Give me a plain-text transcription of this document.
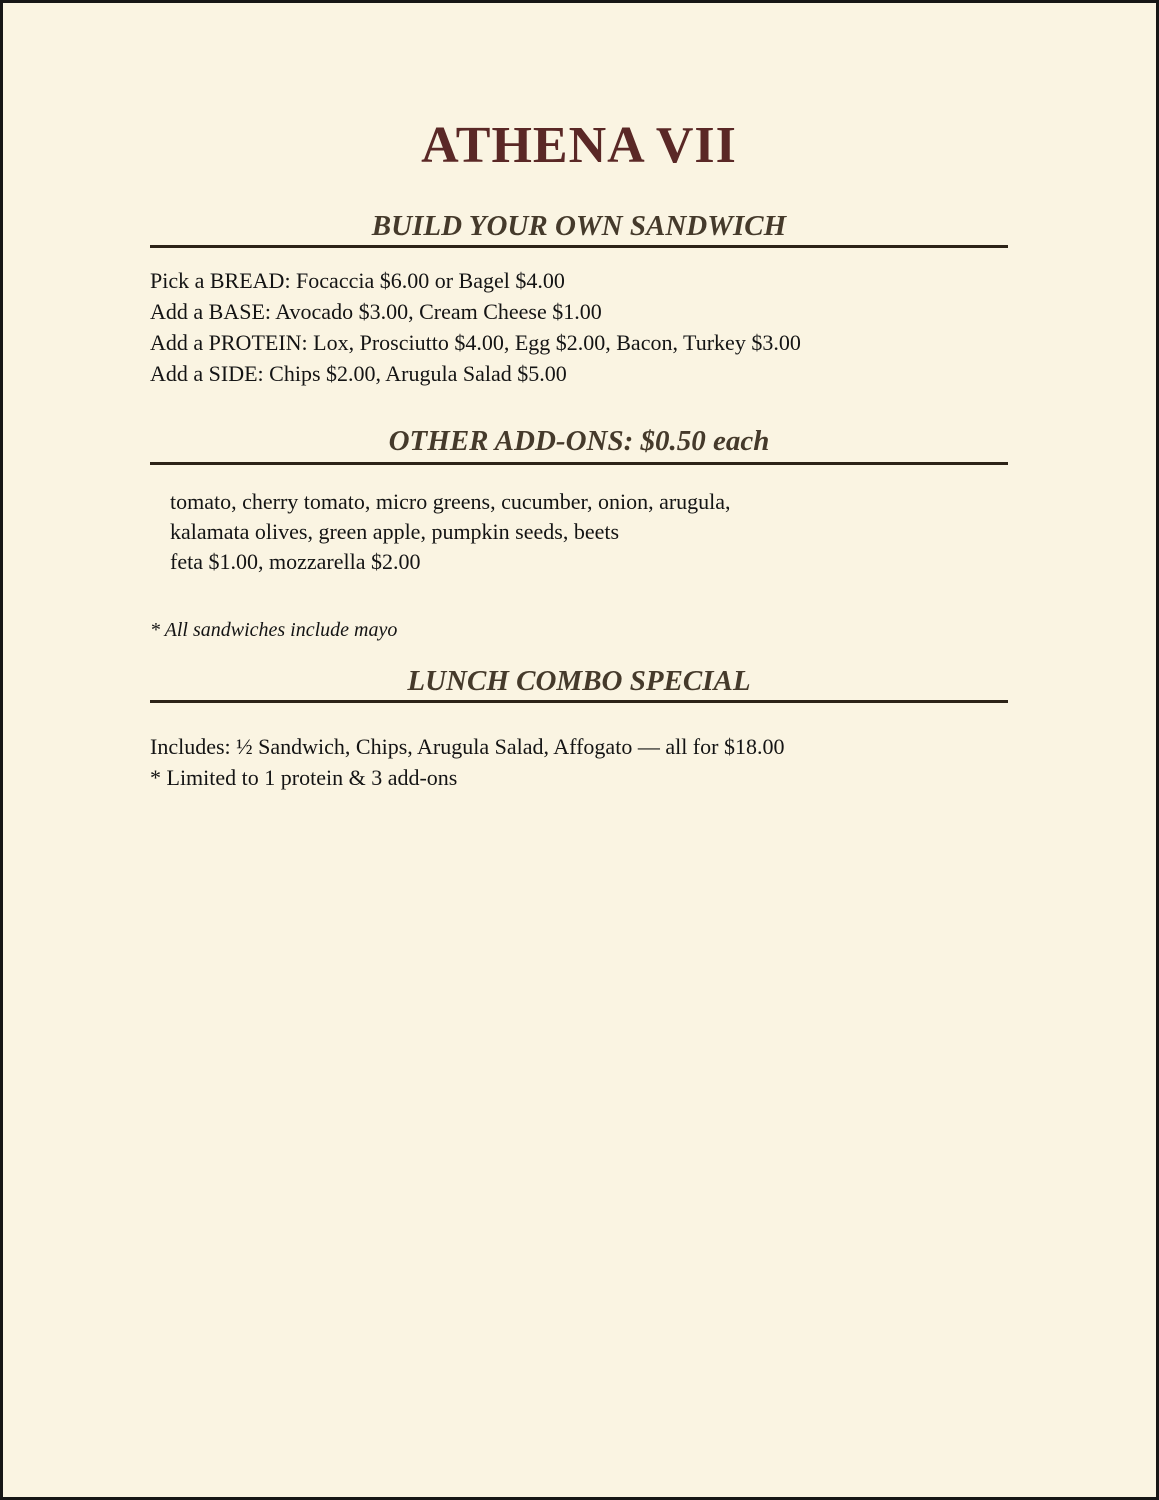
ATHENA VII
BUILD YOUR OWN SANDWICH

Pick a BREAD: Focaccia $6.00 or Bagel $4.00

Add a BASE: Avocado $3.00, Cream Cheese $1.00

Add a PROTEIN: Lox, Prosciutto $4.00, Egg $2.00, Bacon, Turkey $3.00

Add a SIDE: Chips $2.00, Arugula Salad $5.00

OTHER ADD-ONS: $0.50 each

tomato, cherry tomato, micro greens, cucumber, onion, arugula,

kalamata olives, green apple, pumpkin seeds, beets

feta $1.00, mozzarella $2.00

* All sandwiches include mayo

LUNCH COMBO SPECIAL

Includes: ½ Sandwich, Chips, Arugula Salad, Affogato — all for $18.00

* Limited to 1 protein & 3 add-ons
